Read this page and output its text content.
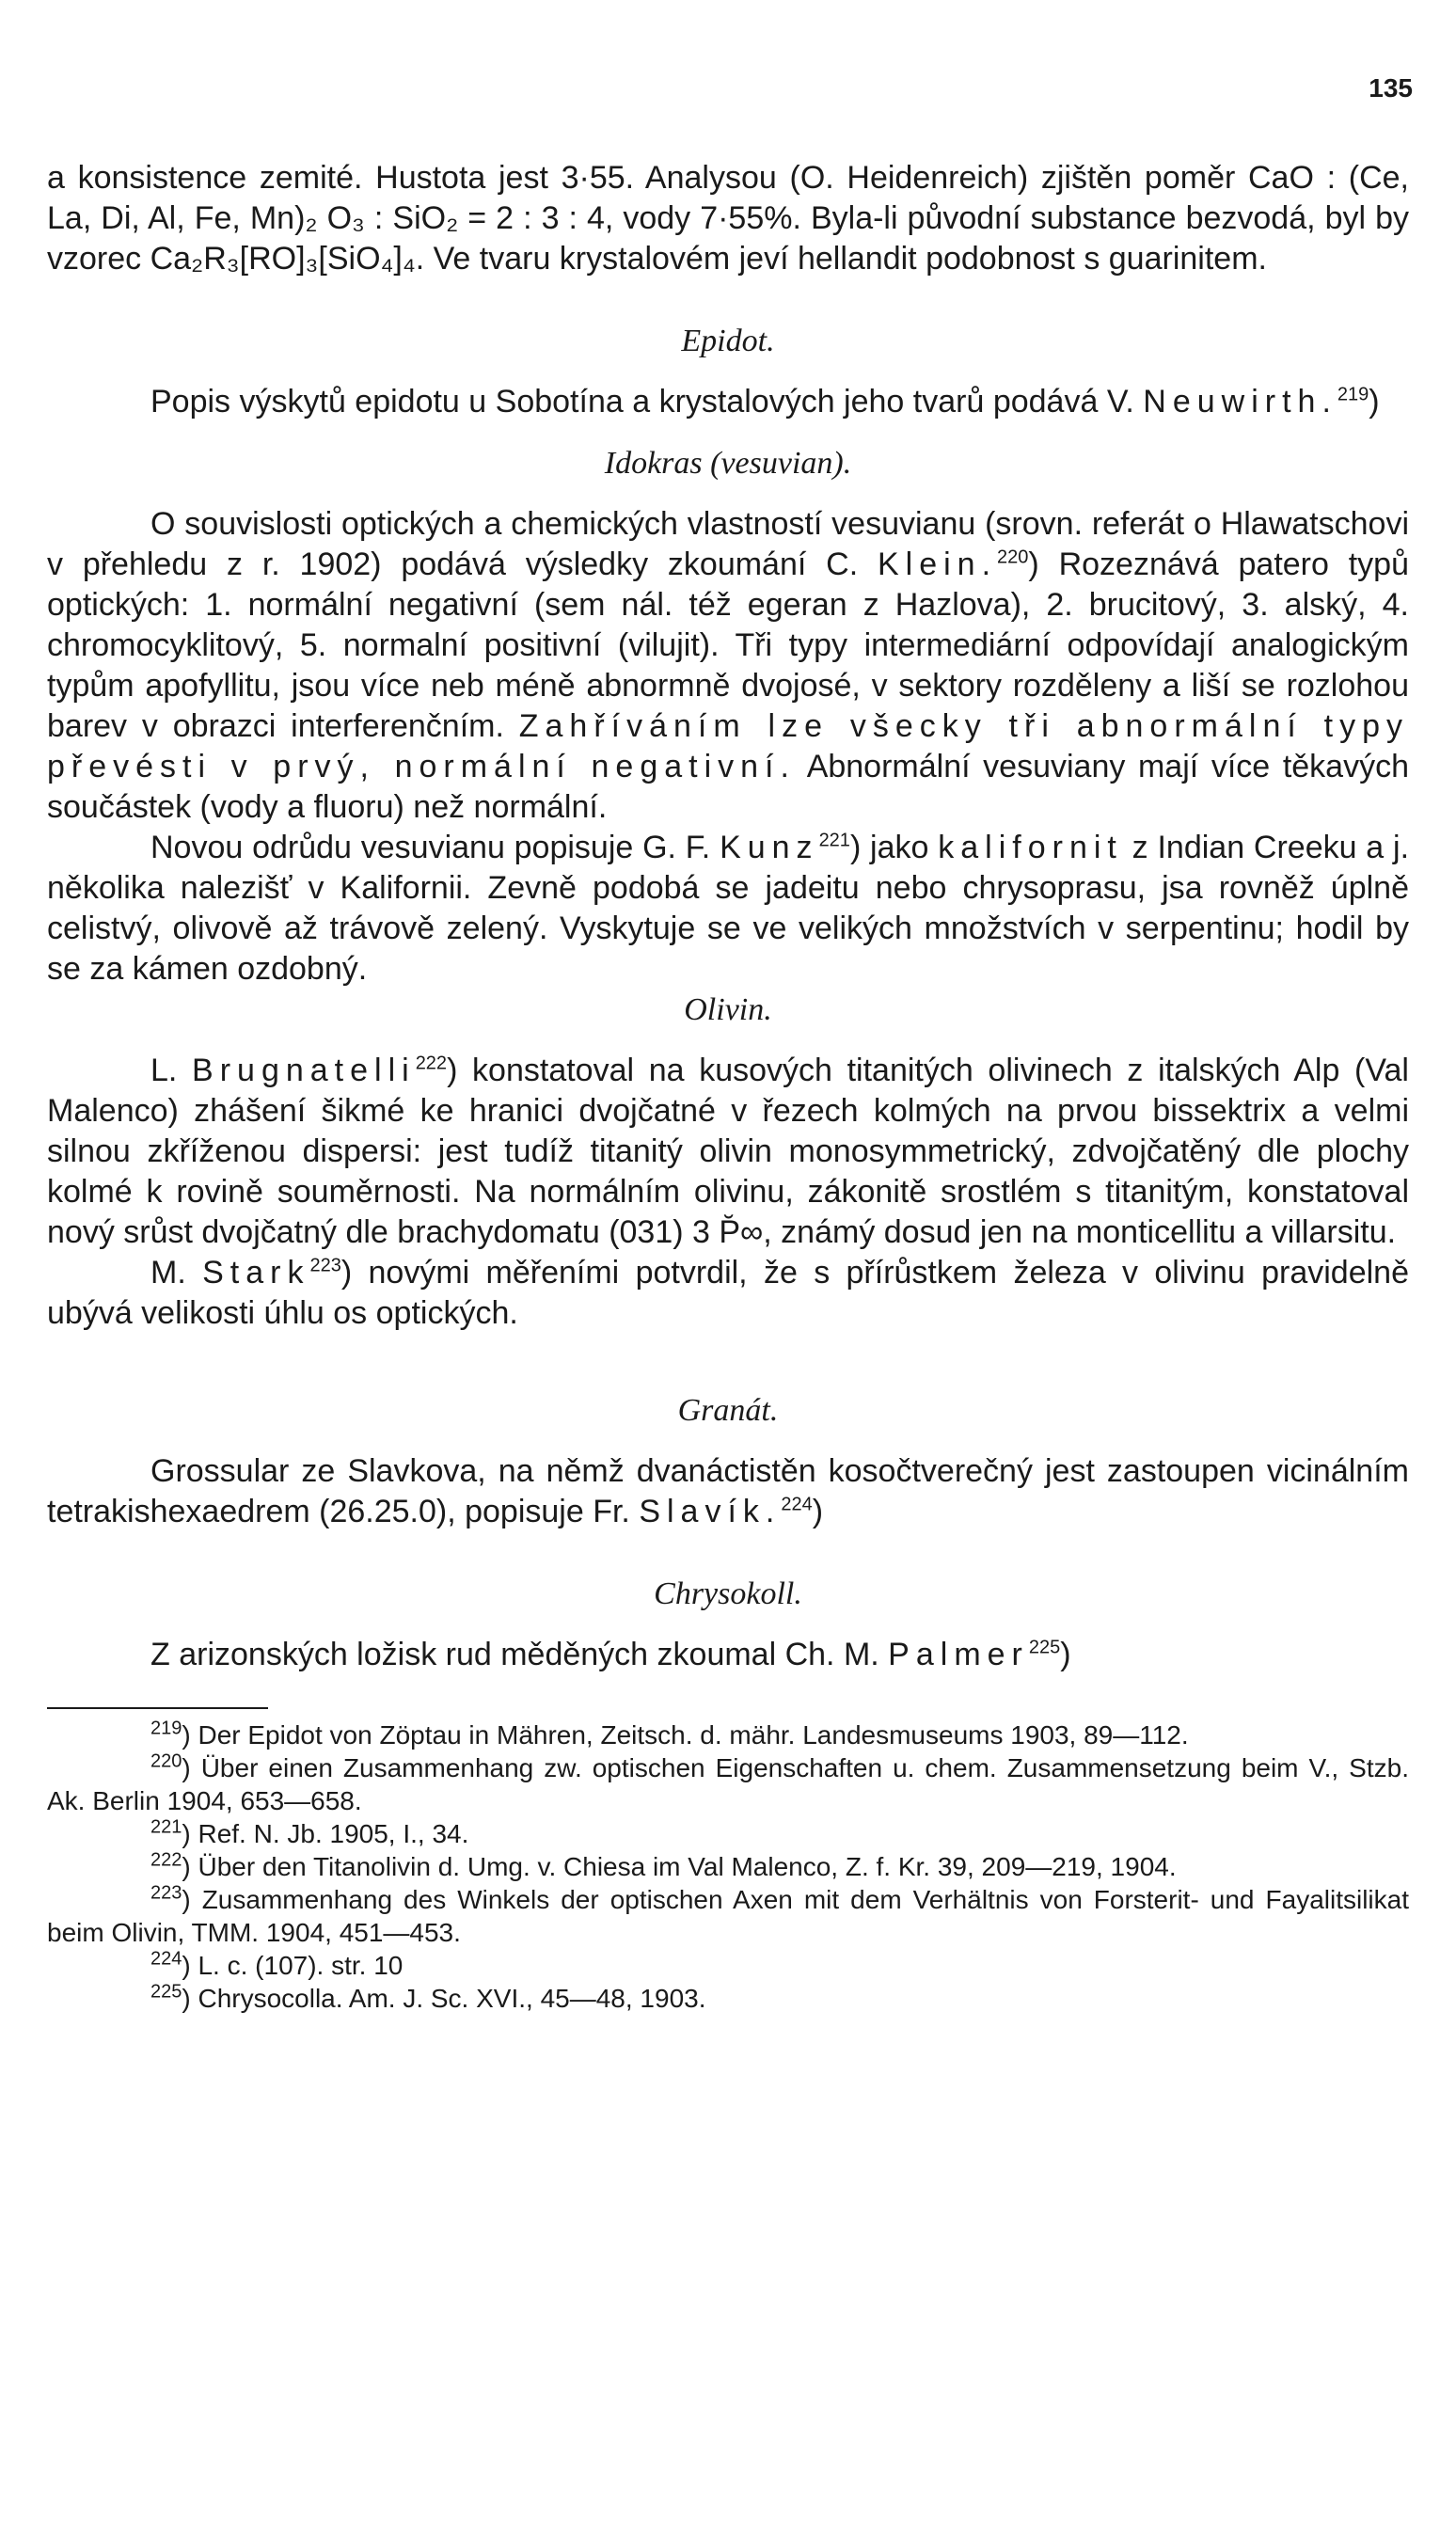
135

a konsistence zemité. Hustota jest 3·55. Analysou (O. Heidenreich) zjištěn poměr CaO : (Ce, La, Di, Al, Fe, Mn)₂ O₃ : SiO₂ = 2 : 3 : 4, vody 7·55%. Byla-li původní substance bezvodá, byl by vzorec Ca₂R₃[RO]₃[SiO₄]₄. Ve tvaru krystalovém jeví hellandit podobnost s guarinitem.

Epidot.

Popis výskytů epidotu u Sobotína a krystalových jeho tvarů podává V. Neuwirth.$^{219}$)

Idokras (vesuvian).

O souvislosti optických a chemických vlastností vesuvianu (srovn. referát o Hlawatschovi v přehledu z r. 1902) podává výsledky zkoumání C. Klein.$^{220}$) Rozeznává patero typů optických: 1. normální negativní (sem nál. též egeran z Hazlova), 2. brucitový, 3. alský, 4. chromocyklitový, 5. normalní positivní (vilujit). Tři typy intermediární odpovídají analogickým typům apofyllitu, jsou více neb méně abnormně dvojosé, v sektory rozděleny a liší se rozlohou barev v obrazci interferenčním. Zahříváním lze všecky tři abnormální typy převésti v prvý, normální negativní. Abnormální vesuviany mají více těkavých součástek (vody a fluoru) než normální.

Novou odrůdu vesuvianu popisuje G. F. Kunz$^{221}$) jako kalifornit z Indian Creeku a j. několika nalezišť v Kalifornii. Zevně podobá se jadeitu nebo chrysoprasu, jsa rovněž úplně celistvý, olivově až trávově zelený. Vyskytuje se ve velikých množstvích v serpentinu; hodil by se za kámen ozdobný.

Olivin.

L. Brugnatelli$^{222}$) konstatoval na kusových titanitých olivinech z italských Alp (Val Malenco) zhášení šikmé ke hranici dvojčatné v řezech kolmých na prvou bissektrix a velmi silnou zkříženou dispersi: jest tudíž titanitý olivin monosymmetrický, zdvojčatěný dle plochy kolmé k rovině souměrnosti. Na normálním olivinu, zákonitě srostlém s titanitým, konstatoval nový srůst dvojčatný dle brachydomatu (031) 3 P̆∞, známý dosud jen na monticellitu a villarsitu.

M. Stark$^{223}$) novými měřeními potvrdil, že s přírůstkem železa v olivinu pravidelně ubývá velikosti úhlu os optických.

Granát.

Grossular ze Slavkova, na němž dvanáctistěn kosočtverečný jest zastoupen vicinálním tetrakishexaedrem (26.25.0), popisuje Fr. Slavík.$^{224}$)

Chrysokoll.

Z arizonských ložisk rud měděných zkoumal Ch. M. Palmer$^{225}$)

$^{219}$) Der Epidot von Zöptau in Mähren, Zeitsch. d. mähr. Landesmuseums 1903, 89—112.

$^{220}$) Über einen Zusammenhang zw. optischen Eigenschaften u. chem. Zusammensetzung beim V., Stzb. Ak. Berlin 1904, 653—658.

$^{221}$) Ref. N. Jb. 1905, I., 34.

$^{222}$) Über den Titanolivin d. Umg. v. Chiesa im Val Malenco, Z. f. Kr. 39, 209—219, 1904.

$^{223}$) Zusammenhang des Winkels der optischen Axen mit dem Verhältnis von Forsterit- und Fayalitsilikat beim Olivin, TMM. 1904, 451—453.

$^{224}$) L. c. (107). str. 10

$^{225}$) Chrysocolla. Am. J. Sc. XVI., 45—48, 1903.
